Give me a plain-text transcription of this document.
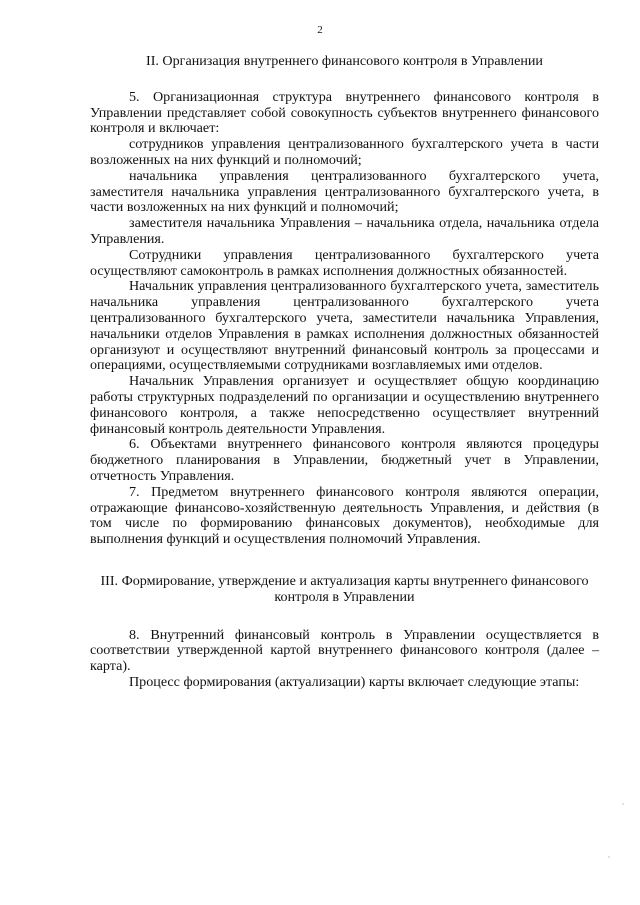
2
II. Организация внутреннего финансового контроля в Управлении

5. Организационная структура внутреннего финансового контроля в Управлении представляет собой совокупность субъектов внутреннего финансового контроля и включает:

сотрудников управления централизованного бухгалтерского учета в части возложенных на них функций и полномочий;

начальника управления централизованного бухгалтерского учета, заместителя начальника управления централизованного бухгалтерского учета, в части возложенных на них функций и полномочий;

заместителя начальника Управления – начальника отдела, начальника отдела Управления.

Сотрудники управления централизованного бухгалтерского учета осуществляют самоконтроль в рамках исполнения должностных обязанностей.

Начальник управления централизованного бухгалтерского учета, заместитель начальника управления централизованного бухгалтерского учета централизованного бухгалтерского учета, заместители начальника Управления, начальники отделов Управления в рамках исполнения должностных обязанностей организуют и осуществляют внутренний финансовый контроль за процессами и операциями, осуществляемыми сотрудниками возглавляемых ими отделов.

Начальник Управления организует и осуществляет общую координацию работы структурных подразделений по организации и осуществлению внутреннего финансового контроля, а также непосредственно осуществляет внутренний финансовый контроль деятельности Управления.

6. Объектами внутреннего финансового контроля являются процедуры бюджетного планирования в Управлении, бюджетный учет в Управлении, отчетность Управления.

7. Предметом внутреннего финансового контроля являются операции, отражающие финансово-хозяйственную деятельность Управления, и действия (в том числе по формированию финансовых документов), необходимые для выполнения функций и осуществления полномочий Управления.

III. Формирование, утверждение и актуализация карты внутреннего финансового контроля в Управлении

8. Внутренний финансовый контроль в Управлении осуществляется в соответствии утвержденной картой внутреннего финансового контроля (далее – карта).

Процесс формирования (актуализации) карты включает следующие этапы:
